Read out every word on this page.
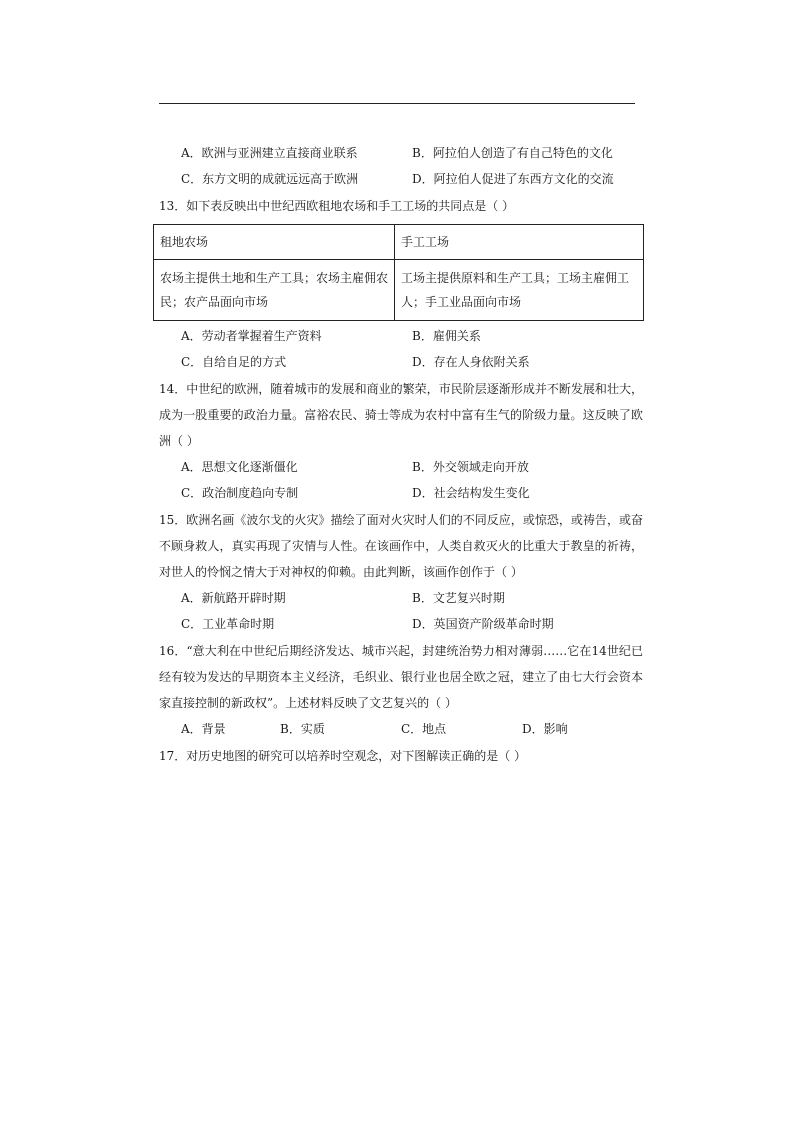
A．欧洲与亚洲建立直接商业联系	B．阿拉伯人创造了有自己特色的文化
C．东方文明的成就远远高于欧洲	D．阿拉伯人促进了东西方文化的交流
13．如下表反映出中世纪西欧租地农场和手工工场的共同点是（ ）
租地农场	手工工场
农场主提供土地和生产工具；农场主雇佣农民；农产品面向市场	工场主提供原料和生产工具；工场主雇佣工人；手工业品面向市场
A．劳动者掌握着生产资料	B．雇佣关系
C．自给自足的方式	D．存在人身依附关系

14．中世纪的欧洲，随着城市的发展和商业的繁荣，市民阶层逐渐形成并不断发展和壮大，成为一股重要的政治力量。富裕农民、骑士等成为农村中富有生气的阶级力量。这反映了欧洲（ ）

A．思想文化逐渐僵化	B．外交领域走向开放
C．政治制度趋向专制	D．社会结构发生变化

15．欧洲名画《波尔戈的火灾》描绘了面对火灾时人们的不同反应，或惊恐，或祷告，或奋不顾身救人，真实再现了灾情与人性。在该画作中，人类自救灭火的比重大于教皇的祈祷，对世人的怜悯之情大于对神权的仰赖。由此判断，该画作创作于（ ）

A．新航路开辟时期	B．文艺复兴时期
C．工业革命时期	D．英国资产阶级革命时期

16．“意大利在中世纪后期经济发达、城市兴起，封建统治势力相对薄弱……它在14世纪已经有较为发达的早期资本主义经济，毛织业、银行业也居全欧之冠，建立了由七大行会资本家直接控制的新政权”。上述材料反映了文艺复兴的（ ）

A．背景	B．实质	C．地点	D．影响
17．对历史地图的研究可以培养时空观念，对下图解读正确的是（ ）
